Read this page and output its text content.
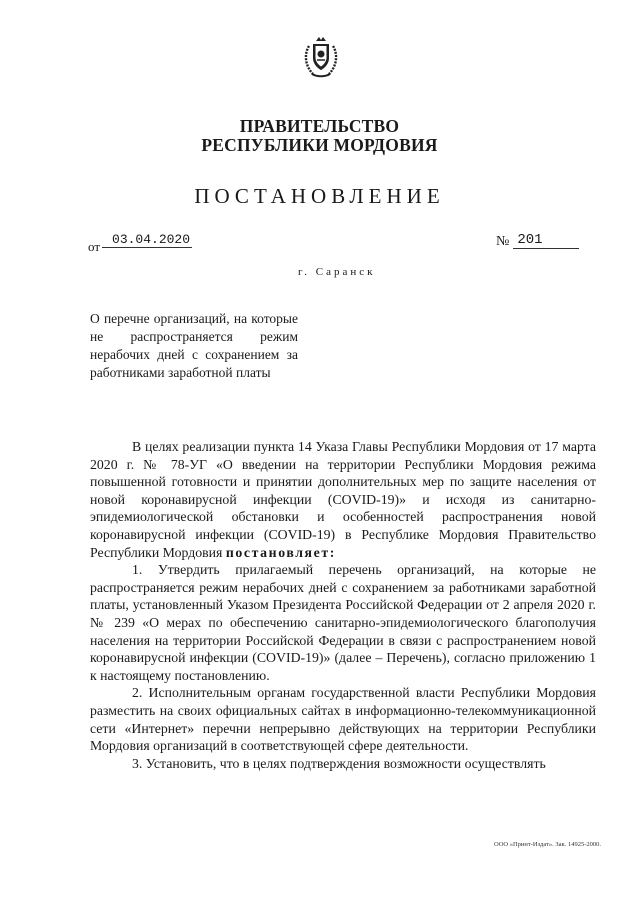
ПРАВИТЕЛЬСТВО
РЕСПУБЛИКИ МОРДОВИЯ
ПОСТАНОВЛЕНИЕ
от 03.04.2020	№ 201
г. Саранск
О перечне организаций, на которые не распространяется режим нерабочих дней с сохранением за работниками заработной платы

В целях реализации пункта 14 Указа Главы Республики Мордовия от 17 марта 2020 г. № 78-УГ «О введении на территории Республики Мордовия режима повышенной готовности и принятии дополнительных мер по защите населения от новой коронавирусной инфекции (COVID-19)» и исходя из санитарно-эпидемиологической обстановки и особенностей распространения новой коронавирусной инфекции (COVID-19) в Республике Мордовия Правительство Республики Мордовия постановляет:

1. Утвердить прилагаемый перечень организаций, на которые не распространяется режим нерабочих дней с сохранением за работниками заработной платы, установленный Указом Президента Российской Федерации от 2 апреля 2020 г. № 239 «О мерах по обеспечению санитарно-эпидемиологического благополучия населения на территории Российской Федерации в связи с распространением новой коронавирусной инфекции (COVID-19)» (далее – Перечень), согласно приложению 1 к настоящему постановлению.

2. Исполнительным органам государственной власти Республики Мордовия разместить на своих официальных сайтах в информационно-телекоммуникационной сети «Интернет» перечни непрерывно действующих на территории Республики Мордовия организаций в соответствующей сфере деятельности.

3. Установить, что в целях подтверждения возможности осуществлять

ООО «Принт-Издат». Зак. 14925-2000.
